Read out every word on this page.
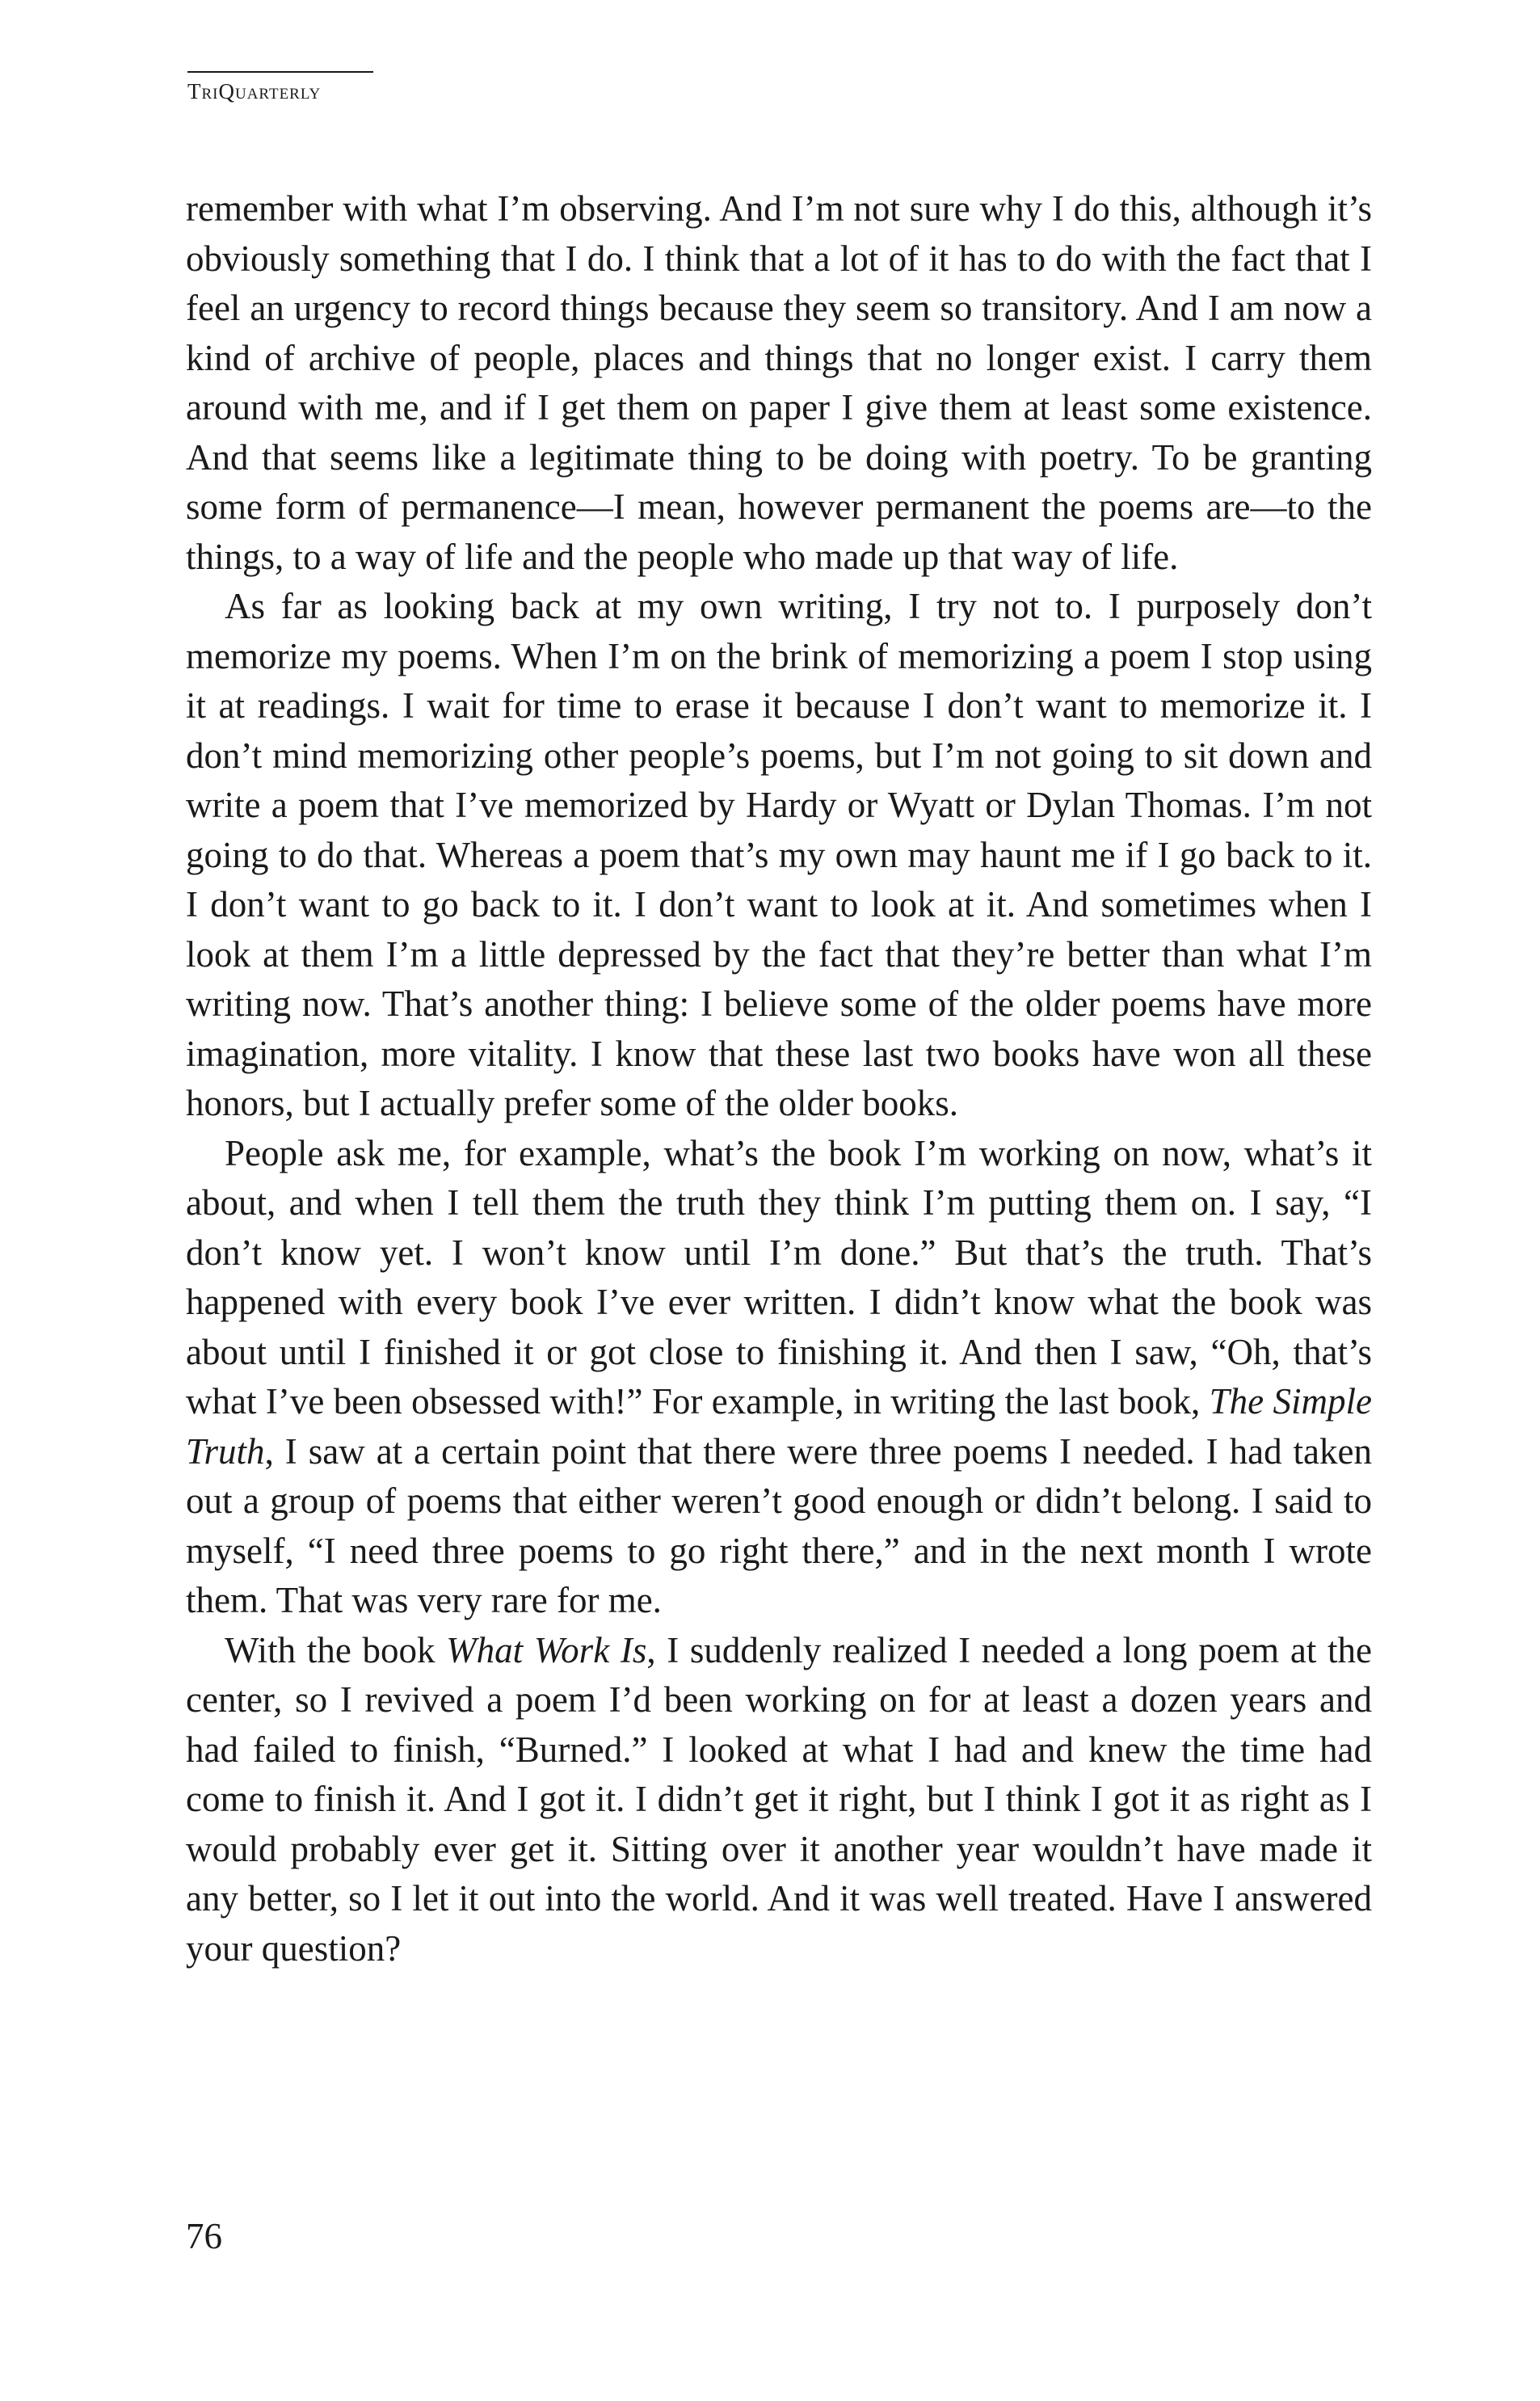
TriQuarterly

remember with what I’m observing. And I’m not sure why I do this, although it’s obviously something that I do. I think that a lot of it has to do with the fact that I feel an urgency to record things because they seem so transitory. And I am now a kind of archive of people, places and things that no longer exist. I carry them around with me, and if I get them on paper I give them at least some existence. And that seems like a legitimate thing to be doing with poetry. To be granting some form of permanence—I mean, however permanent the poems are—to the things, to a way of life and the people who made up that way of life.

As far as looking back at my own writing, I try not to. I purposely don’t memorize my poems. When I’m on the brink of memorizing a poem I stop using it at readings. I wait for time to erase it because I don’t want to memorize it. I don’t mind memorizing other people’s poems, but I’m not going to sit down and write a poem that I’ve memorized by Hardy or Wyatt or Dylan Thomas. I’m not going to do that. Whereas a poem that’s my own may haunt me if I go back to it. I don’t want to go back to it. I don’t want to look at it. And sometimes when I look at them I’m a little depressed by the fact that they’re better than what I’m writing now. That’s another thing: I believe some of the older poems have more imagination, more vitality. I know that these last two books have won all these honors, but I actually prefer some of the older books.

People ask me, for example, what’s the book I’m working on now, what’s it about, and when I tell them the truth they think I’m putting them on. I say, “I don’t know yet. I won’t know until I’m done.” But that’s the truth. That’s happened with every book I’ve ever written. I didn’t know what the book was about until I finished it or got close to finishing it. And then I saw, “Oh, that’s what I’ve been obsessed with!” For example, in writing the last book, The Simple Truth, I saw at a certain point that there were three poems I needed. I had taken out a group of poems that either weren’t good enough or didn’t belong. I said to myself, “I need three poems to go right there,” and in the next month I wrote them. That was very rare for me.

With the book What Work Is, I suddenly realized I needed a long poem at the center, so I revived a poem I’d been working on for at least a dozen years and had failed to finish, “Burned.” I looked at what I had and knew the time had come to finish it. And I got it. I didn’t get it right, but I think I got it as right as I would probably ever get it. Sitting over it another year wouldn’t have made it any better, so I let it out into the world. And it was well treated. Have I answered your question?

76
